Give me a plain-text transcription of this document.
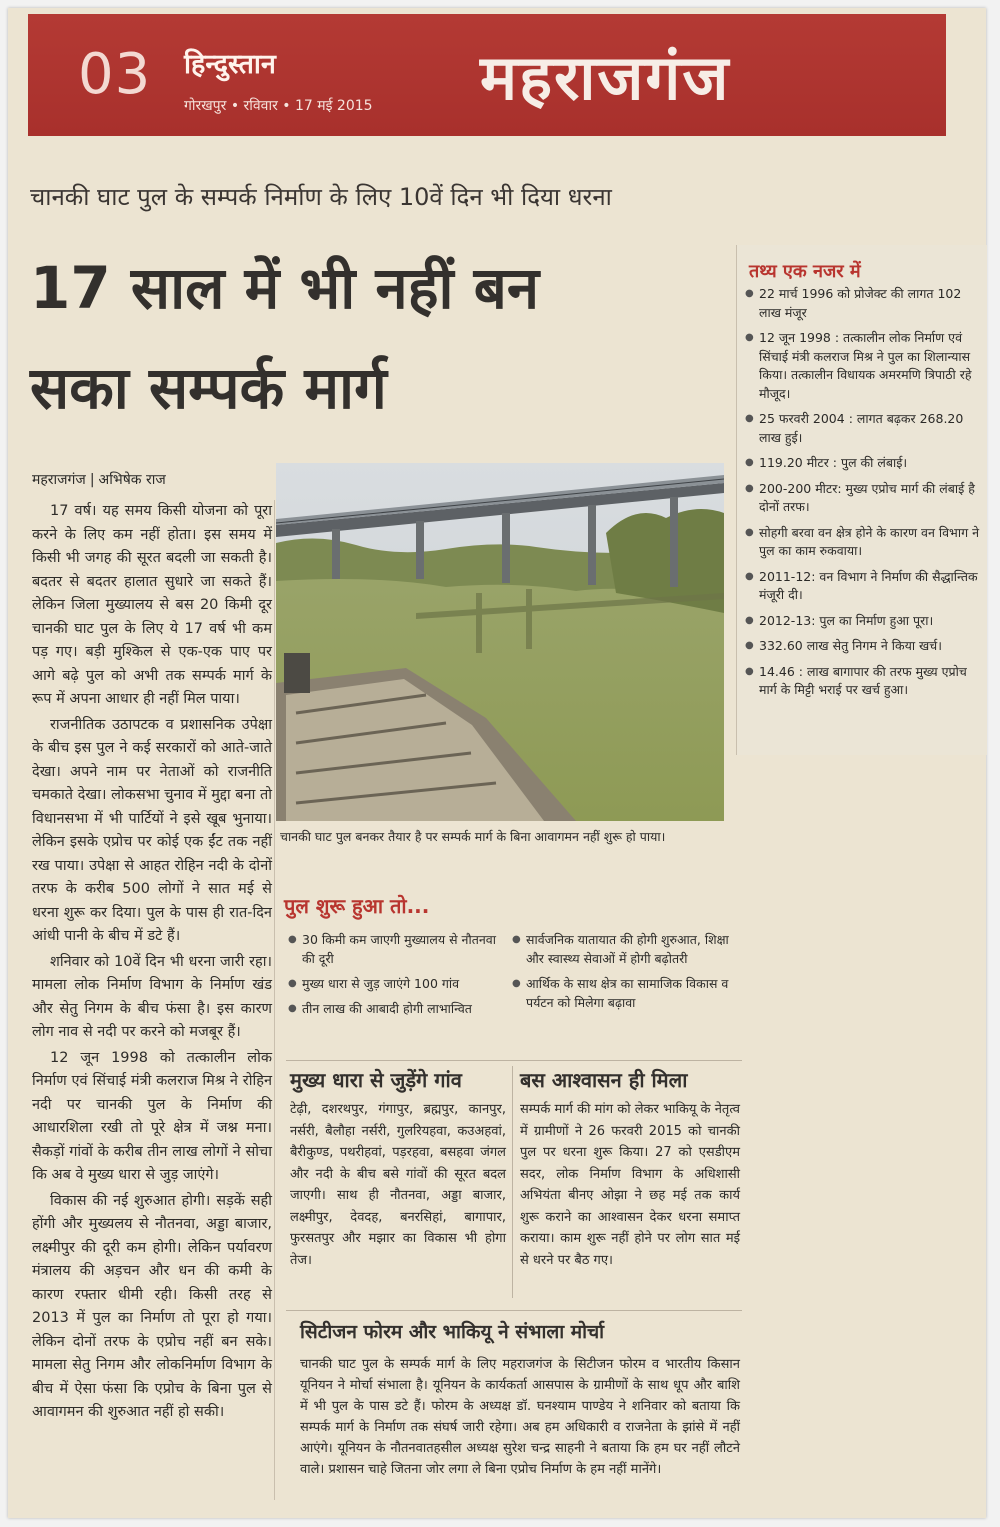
03 हिन्दुस्तान
गोरखपुर • रविवार • 17 मई 2015 महराजगंज
चानकी घाट पुल के सम्पर्क निर्माण के लिए 10वें दिन भी दिया धरना
17 साल में भी नहीं बन
सका सम्पर्क मार्ग
महराजगंज | अभिषेक राज

17 वर्ष। यह समय किसी योजना को पूरा करने के लिए कम नहीं होता। इस समय में किसी भी जगह की सूरत बदली जा सकती है। बदतर से बदतर हालात सुधारे जा सकते हैं। लेकिन जिला मुख्यालय से बस 20 किमी दूर चानकी घाट पुल के लिए ये 17 वर्ष भी कम पड़ गए। बड़ी मुश्किल से एक-एक पाए पर आगे बढ़े पुल को अभी तक सम्पर्क मार्ग के रूप में अपना आधार ही नहीं मिल पाया।

राजनीतिक उठापटक व प्रशासनिक उपेक्षा के बीच इस पुल ने कई सरकारों को आते-जाते देखा। अपने नाम पर नेताओं को राजनीति चमकाते देखा। लोकसभा चुनाव में मुद्दा बना तो विधानसभा में भी पार्टियों ने इसे खूब भुनाया। लेकिन इसके एप्रोच पर कोई एक ईंट तक नहीं रख पाया। उपेक्षा से आहत रोहिन नदी के दोनों तरफ के करीब 500 लोगों ने सात मई से धरना शुरू कर दिया। पुल के पास ही रात-दिन आंधी पानी के बीच में डटे हैं।

शनिवार को 10वें दिन भी धरना जारी रहा। मामला लोक निर्माण विभाग के निर्माण खंड और सेतु निगम के बीच फंसा है। इस कारण लोग नाव से नदी पर करने को मजबूर हैं।

12 जून 1998 को तत्कालीन लोक निर्माण एवं सिंचाई मंत्री कलराज मिश्र ने रोहिन नदी पर चानकी पुल के निर्माण की आधारशिला रखी तो पूरे क्षेत्र में जश्न मना। सैकड़ों गांवों के करीब तीन लाख लोगों ने सोचा कि अब वे मुख्य धारा से जुड़ जाएंगे।

विकास की नई शुरुआत होगी। सड़कें सही होंगी और मुख्यलय से नौतनवा, अड्डा बाजार, लक्ष्मीपुर की दूरी कम होगी। लेकिन पर्यावरण मंत्रालय की अड़चन और धन की कमी के कारण रफ्तार धीमी रही। किसी तरह से 2013 में पुल का निर्माण तो पूरा हो गया। लेकिन दोनों तरफ के एप्रोच नहीं बन सके। मामला सेतु निगम और लोकनिर्माण विभाग के बीच में ऐसा फंसा कि एप्रोच के बिना पुल से आवागमन की शुरुआत नहीं हो सकी।

चानकी घाट पुल बनकर तैयार है पर सम्पर्क मार्ग के बिना आवागमन नहीं शुरू हो पाया।
तथ्य एक नजर में
● 22 मार्च 1996 को प्रोजेक्ट की लागत 102 लाख मंजूर
● 12 जून 1998 : तत्कालीन लोक निर्माण एवं सिंचाई मंत्री कलराज मिश्र ने पुल का शिलान्यास किया। तत्कालीन विधायक अमरमणि त्रिपाठी रहे मौजूद।
● 25 फरवरी 2004 : लागत बढ़कर 268.20 लाख हुई।
● 119.20 मीटर : पुल की लंबाई।
● 200-200 मीटर: मुख्य एप्रोच मार्ग की लंबाई है दोनों तरफ।
● सोहगी बरवा वन क्षेत्र होने के कारण वन विभाग ने पुल का काम रुकवाया।
● 2011-12: वन विभाग ने निर्माण की सैद्धान्तिक मंजूरी दी।
● 2012-13: पुल का निर्माण हुआ पूरा।
● 332.60 लाख सेतु निगम ने किया खर्च।
● 14.46 : लाख बागापार की तरफ मुख्य एप्रोच मार्ग के मिट्टी भराई पर खर्च हुआ।
पुल शुरू हुआ तो...
● 30 किमी कम जाएगी मुख्यालय से नौतनवा की दूरी
● मुख्य धारा से जुड़ जाएंगे 100 गांव
● तीन लाख की आबादी होगी लाभान्वित
● सार्वजनिक यातायात की होगी शुरुआत, शिक्षा और स्वास्थ्य सेवाओं में होगी बढ़ोतरी
● आर्थिक के साथ क्षेत्र का सामाजिक विकास व पर्यटन को मिलेगा बढ़ावा
मुख्य धारा से जुड़ेंगे गांव
टेढ़ी, दशरथपुर, गंगापुर, ब्रह्मपुर, कानपुर, नर्सरी, बैलौहा नर्सरी, गुलरियहवा, कउअहवां, बैरीकुण्ड, पथरीहवां, पड़रहवा, बसहवा जंगल और नदी के बीच बसे गांवों की सूरत बदल जाएगी। साथ ही नौतनवा, अड्डा बाजार, लक्ष्मीपुर, देवदह, बनरसिहां, बागापार, फुरसतपुर और मझार का विकास भी होगा तेज।
बस आश्वासन ही मिला
सम्पर्क मार्ग की मांग को लेकर भाकियू के नेतृत्व में ग्रामीणों ने 26 फरवरी 2015 को चानकी पुल पर धरना शुरू किया। 27 को एसडीएम सदर, लोक निर्माण विभाग के अधिशासी अभियंता बीनए ओझा ने छह मई तक कार्य शुरू कराने का आश्वासन देकर धरना समाप्त कराया। काम शुरू नहीं होने पर लोग सात मई से धरने पर बैठ गए।
सिटीजन फोरम और भाकियू ने संभाला मोर्चा
चानकी घाट पुल के सम्पर्क मार्ग के लिए महराजगंज के सिटीजन फोरम व भारतीय किसान यूनियन ने मोर्चा संभाला है। यूनियन के कार्यकर्ता आसपास के ग्रामीणों के साथ धूप और बाशि में भी पुल के पास डटे हैं। फोरम के अध्यक्ष डॉ. घनश्याम पाण्डेय ने शनिवार को बताया कि सम्पर्क मार्ग के निर्माण तक संघर्ष जारी रहेगा। अब हम अधिकारी व राजनेता के झांसे में नहीं आएंगे। यूनियन के नौतनवातहसील अध्यक्ष सुरेश चन्द्र साहनी ने बताया कि हम घर नहीं लौटने वाले। प्रशासन चाहे जितना जोर लगा ले बिना एप्रोच निर्माण के हम नहीं मानेंगे।
